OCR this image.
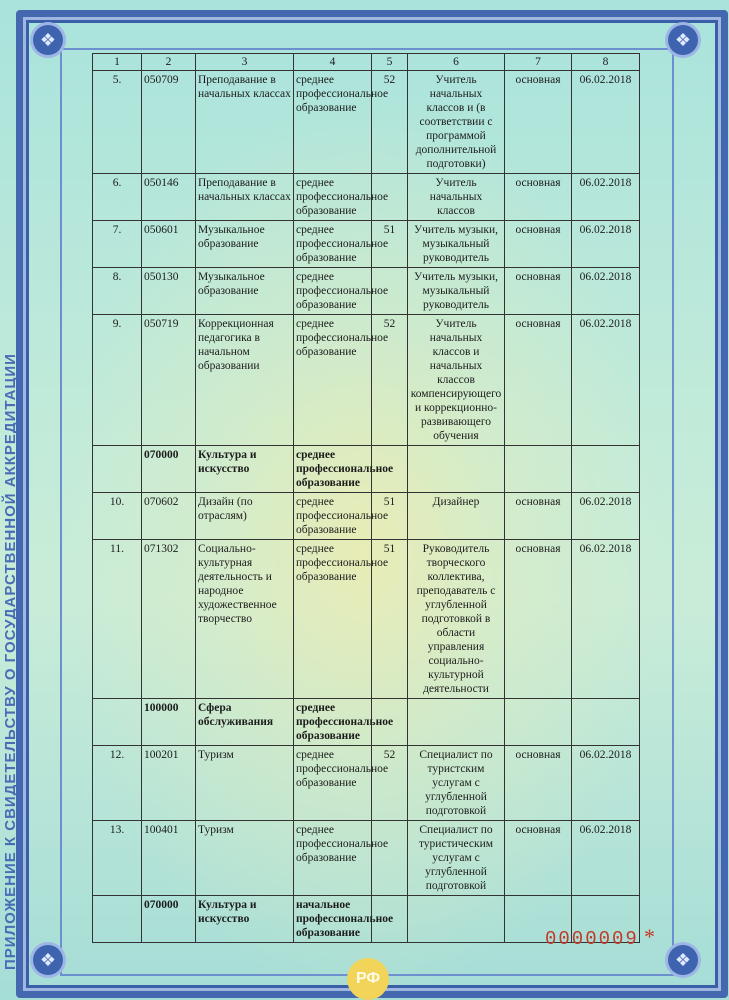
❖	❖
❖	❖
ПРИЛОЖЕНИЕ К СВИДЕТЕЛЬСТВУ О ГОСУДАРСТВЕННОЙ АККРЕДИТАЦИИ
1	2	3	4	5	6	7	8
5.	050709	Преподавание в начальных классах	среднее профессиональное образование	52	Учитель начальных классов и (в соответствии с программой дополнительной подготовки)	основная	06.02.2018
6.	050146	Преподавание в начальных классах	среднее профессиональное образование		Учитель начальных классов	основная	06.02.2018
7.	050601	Музыкальное образование	среднее профессиональное образование	51	Учитель музыки, музыкальный руководитель	основная	06.02.2018
8.	050130	Музыкальное образование	среднее профессиональное образование		Учитель музыки, музыкальный руководитель	основная	06.02.2018
9.	050719	Коррекционная педагогика в начальном образовании	среднее профессиональное образование	52	Учитель начальных классов и начальных классов компенсирующего и коррекционно-развивающего обучения	основная	06.02.2018
	070000	Культура и искусство	среднее профессиональное образование				
10.	070602	Дизайн (по отраслям)	среднее профессиональное образование	51	Дизайнер	основная	06.02.2018
11.	071302	Социально-культурная деятельность и народное художественное творчество	среднее профессиональное образование	51	Руководитель творческого коллектива, преподаватель с углубленной подготовкой в области управления социально-культурной деятельности	основная	06.02.2018
	100000	Сфера обслуживания	среднее профессиональное образование				
12.	100201	Туризм	среднее профессиональное образование	52	Специалист по туристским услугам с углубленной подготовкой	основная	06.02.2018
13.	100401	Туризм	среднее профессиональное образование		Специалист по туристическим услугам с углубленной подготовкой	основная	06.02.2018
	070000	Культура и искусство	начальное профессиональное образование					0000009 *
РФ
